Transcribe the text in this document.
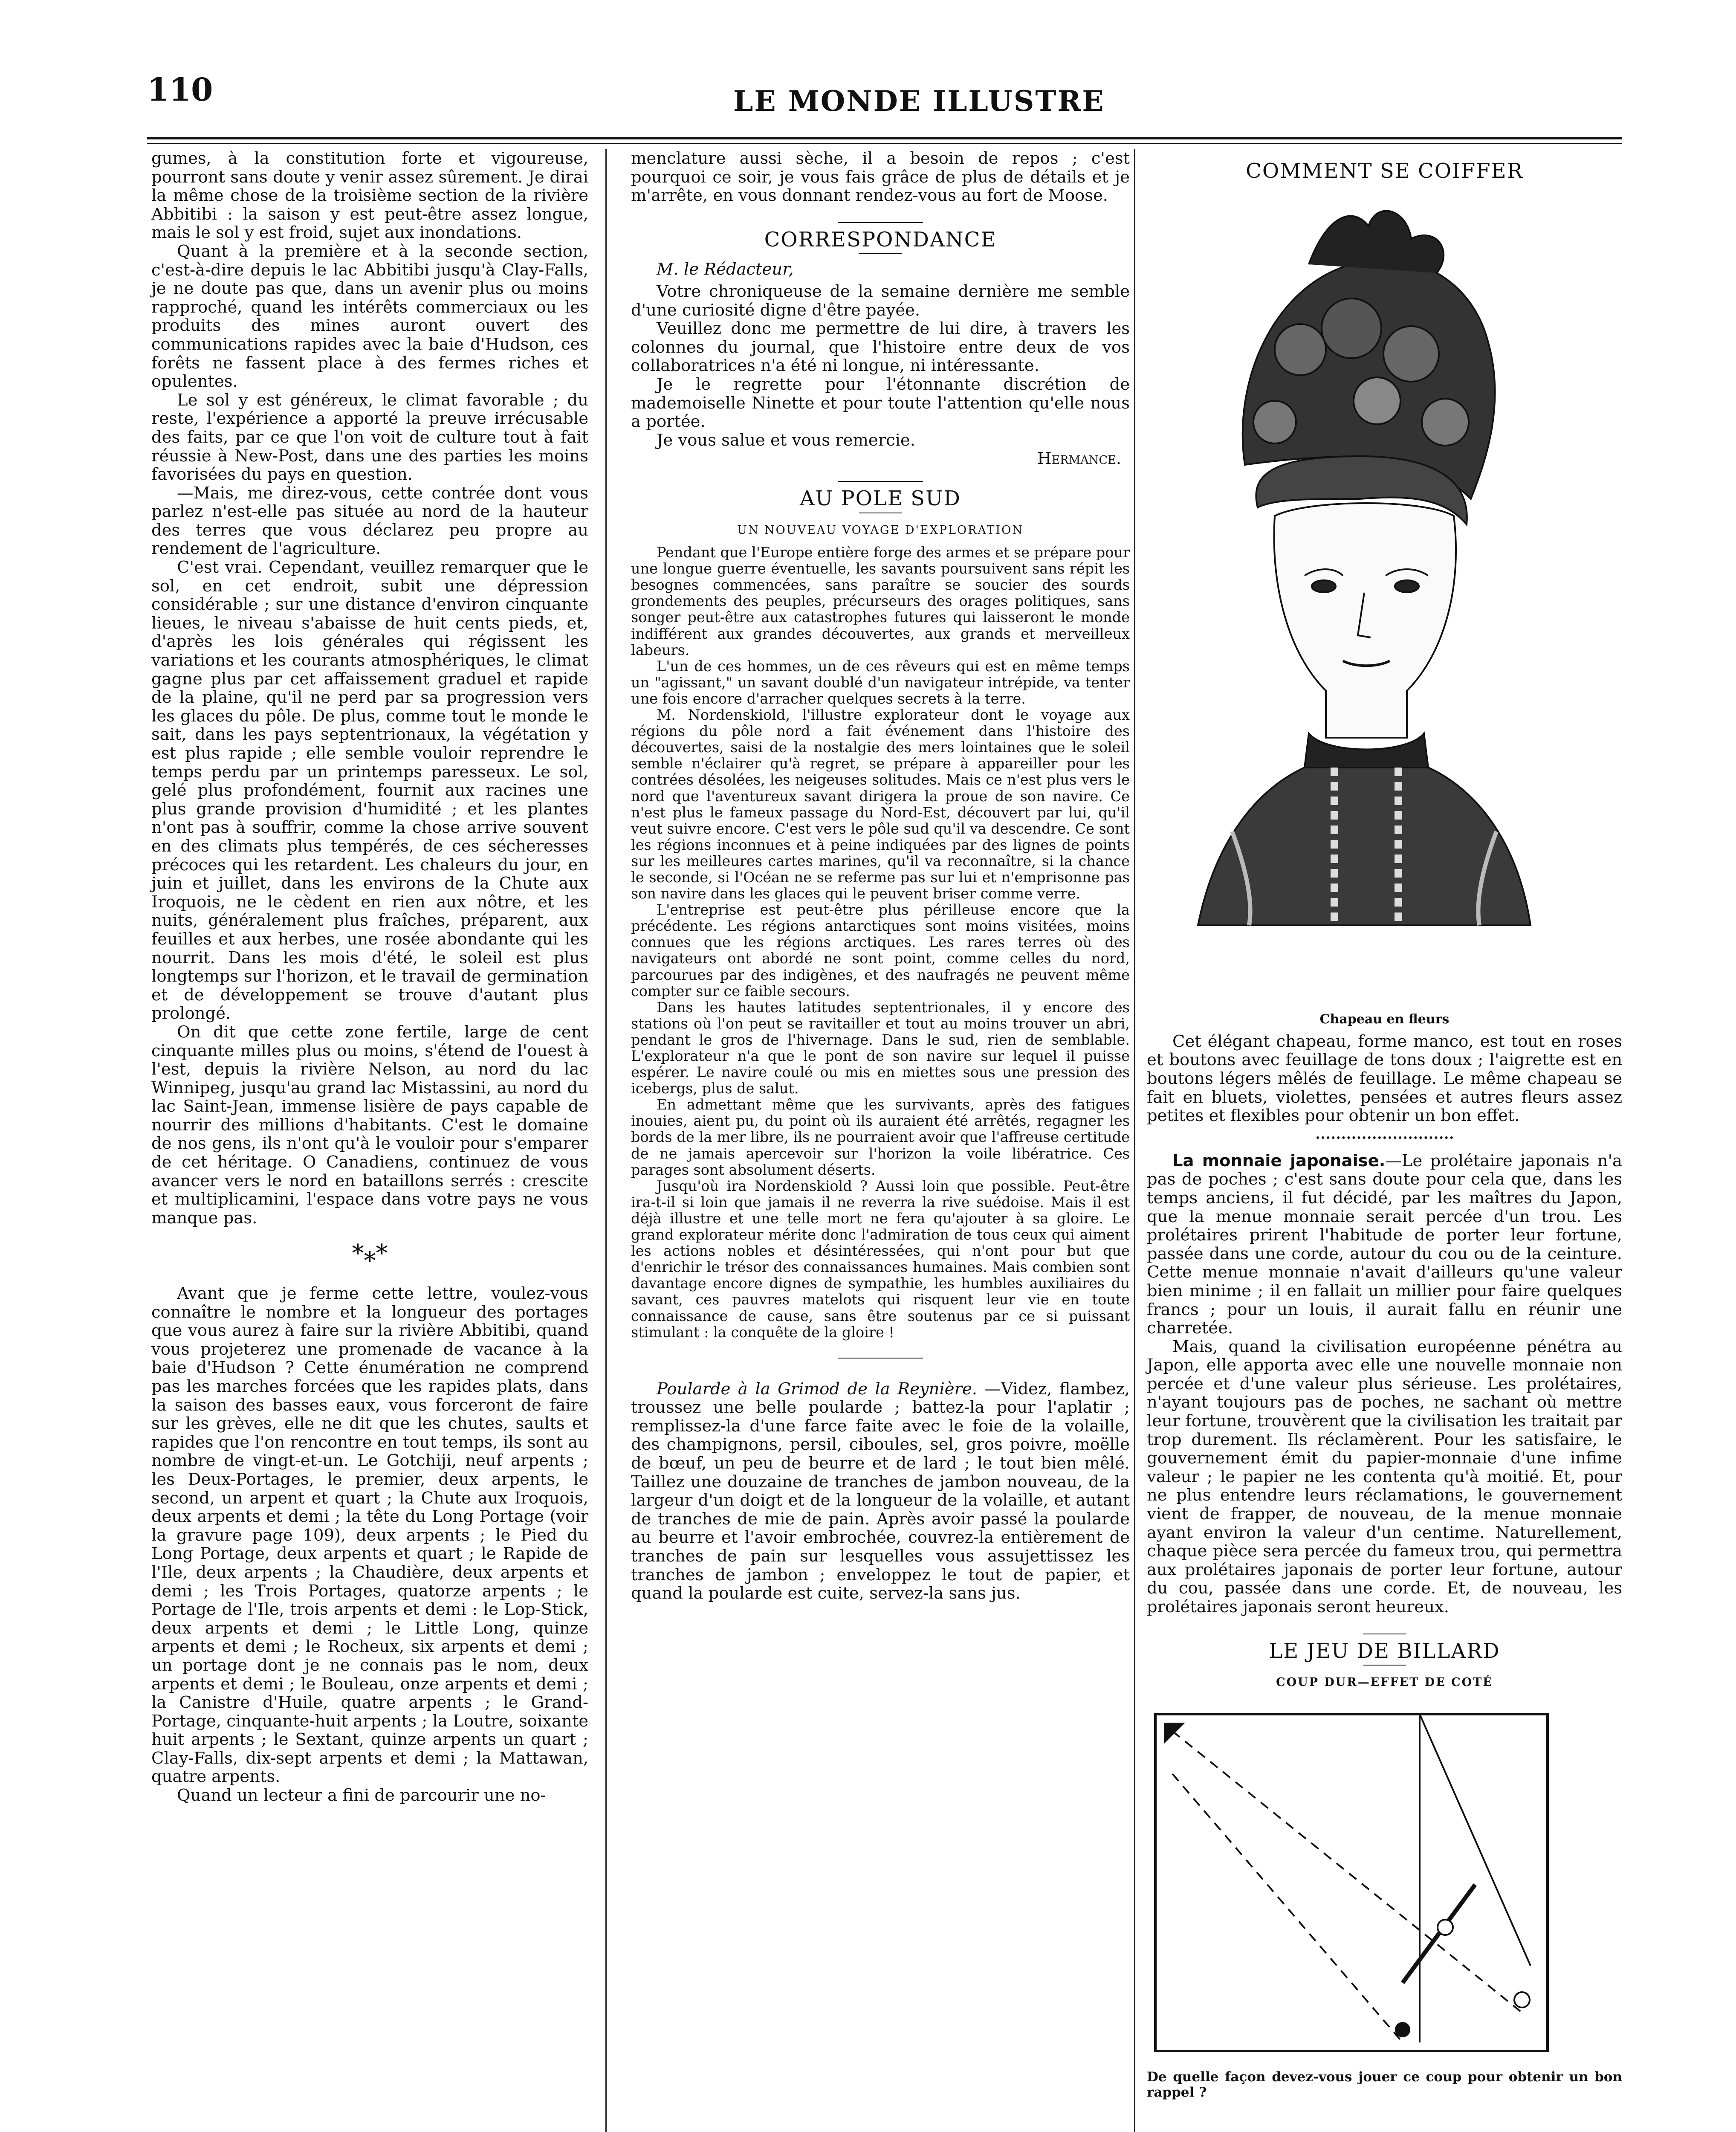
110	LE MONDE ILLUSTRE

gumes, à la constitution forte et vigoureuse, pourront sans doute y venir assez sûrement. Je dirai la même chose de la troisième section de la rivière Abbitibi : la saison y est peut-être assez longue, mais le sol y est froid, sujet aux inondations.

Quant à la première et à la seconde section, c'est-à-dire depuis le lac Abbitibi jusqu'à Clay-Falls, je ne doute pas que, dans un avenir plus ou moins rapproché, quand les intérêts commerciaux ou les produits des mines auront ouvert des communications rapides avec la baie d'Hudson, ces forêts ne fassent place à des fermes riches et opulentes.

Le sol y est généreux, le climat favorable ; du reste, l'expérience a apporté la preuve irrécusable des faits, par ce que l'on voit de culture tout à fait réussie à New-Post, dans une des parties les moins favorisées du pays en question.

—Mais, me direz-vous, cette contrée dont vous parlez n'est-elle pas située au nord de la hauteur des terres que vous déclarez peu propre au rendement de l'agriculture.

C'est vrai. Cependant, veuillez remarquer que le sol, en cet endroit, subit une dépression considérable ; sur une distance d'environ cinquante lieues, le niveau s'abaisse de huit cents pieds, et, d'après les lois générales qui régissent les variations et les courants atmosphériques, le climat gagne plus par cet affaissement graduel et rapide de la plaine, qu'il ne perd par sa progression vers les glaces du pôle. De plus, comme tout le monde le sait, dans les pays septentrionaux, la végétation y est plus rapide ; elle semble vouloir reprendre le temps perdu par un printemps paresseux. Le sol, gelé plus profondément, fournit aux racines une plus grande provision d'humidité ; et les plantes n'ont pas à souffrir, comme la chose arrive souvent en des climats plus tempérés, de ces sécheresses précoces qui les retardent. Les chaleurs du jour, en juin et juillet, dans les environs de la Chute aux Iroquois, ne le cèdent en rien aux nôtre, et les nuits, généralement plus fraîches, préparent, aux feuilles et aux herbes, une rosée abondante qui les nourrit. Dans les mois d'été, le soleil est plus longtemps sur l'horizon, et le travail de germination et de développement se trouve d'autant plus prolongé.

On dit que cette zone fertile, large de cent cinquante milles plus ou moins, s'étend de l'ouest à l'est, depuis la rivière Nelson, au nord du lac Winnipeg, jusqu'au grand lac Mistassini, au nord du lac Saint-Jean, immense lisière de pays capable de nourrir des millions d'habitants. C'est le domaine de nos gens, ils n'ont qu'à le vouloir pour s'emparer de cet héritage. O Canadiens, continuez de vous avancer vers le nord en bataillons serrés : crescite et multiplicamini, l'espace dans votre pays ne vous manque pas.

*⁎*

Avant que je ferme cette lettre, voulez-vous connaître le nombre et la longueur des portages que vous aurez à faire sur la rivière Abbitibi, quand vous projeterez une promenade de vacance à la baie d'Hudson ? Cette énumération ne comprend pas les marches forcées que les rapides plats, dans la saison des basses eaux, vous forceront de faire sur les grèves, elle ne dit que les chutes, saults et rapides que l'on rencontre en tout temps, ils sont au nombre de vingt-et-un. Le Gotchiji, neuf arpents ; les Deux-Portages, le premier, deux arpents, le second, un arpent et quart ; la Chute aux Iroquois, deux arpents et demi ; la tête du Long Portage (voir la gravure page 109), deux arpents ; le Pied du Long Portage, deux arpents et quart ; le Rapide de l'Ile, deux arpents ; la Chaudière, deux arpents et demi ; les Trois Portages, quatorze arpents ; le Portage de l'Ile, trois arpents et demi : le Lop-Stick, deux arpents et demi ; le Little Long, quinze arpents et demi ; le Rocheux, six arpents et demi ; un portage dont je ne connais pas le nom, deux arpents et demi ; le Bouleau, onze arpents et demi ; la Canistre d'Huile, quatre arpents ; le Grand-Portage, cinquante-huit arpents ; la Loutre, soixante huit arpents ; le Sextant, quinze arpents un quart ; Clay-Falls, dix-sept arpents et demi ; la Mattawan, quatre arpents.

Quand un lecteur a fini de parcourir une no-

menclature aussi sèche, il a besoin de repos ; c'est pourquoi ce soir, je vous fais grâce de plus de détails et je m'arrête, en vous donnant rendez-vous au fort de Moose.

CORRESPONDANCE
M. le Rédacteur,

Votre chroniqueuse de la semaine dernière me semble d'une curiosité digne d'être payée.

Veuillez donc me permettre de lui dire, à travers les colonnes du journal, que l'histoire entre deux de vos collaboratrices n'a été ni longue, ni intéressante.

Je le regrette pour l'étonnante discrétion de mademoiselle Ninette et pour toute l'attention qu'elle nous a portée.

Je vous salue et vous remercie.

Hermance.
AU POLE SUD
UN NOUVEAU VOYAGE D'EXPLORATION

Pendant que l'Europe entière forge des armes et se prépare pour une longue guerre éventuelle, les savants poursuivent sans répit les besognes commencées, sans paraître se soucier des sourds grondements des peuples, précurseurs des orages politiques, sans songer peut-être aux catastrophes futures qui laisseront le monde indifférent aux grandes découvertes, aux grands et merveilleux labeurs.

L'un de ces hommes, un de ces rêveurs qui est en même temps un "agissant," un savant doublé d'un navigateur intrépide, va tenter une fois encore d'arracher quelques secrets à la terre.

M. Nordenskiold, l'illustre explorateur dont le voyage aux régions du pôle nord a fait événement dans l'histoire des découvertes, saisi de la nostalgie des mers lointaines que le soleil semble n'éclairer qu'à regret, se prépare à appareiller pour les contrées désolées, les neigeuses solitudes. Mais ce n'est plus vers le nord que l'aventureux savant dirigera la proue de son navire. Ce n'est plus le fameux passage du Nord-Est, découvert par lui, qu'il veut suivre encore. C'est vers le pôle sud qu'il va descendre. Ce sont les régions inconnues et à peine indiquées par des lignes de points sur les meilleures cartes marines, qu'il va reconnaître, si la chance le seconde, si l'Océan ne se referme pas sur lui et n'emprisonne pas son navire dans les glaces qui le peuvent briser comme verre.

L'entreprise est peut-être plus périlleuse encore que la précédente. Les régions antarctiques sont moins visitées, moins connues que les régions arctiques. Les rares terres où des navigateurs ont abordé ne sont point, comme celles du nord, parcourues par des indigènes, et des naufragés ne peuvent même compter sur ce faible secours.

Dans les hautes latitudes septentrionales, il y encore des stations où l'on peut se ravitailler et tout au moins trouver un abri, pendant le gros de l'hivernage. Dans le sud, rien de semblable. L'explorateur n'a que le pont de son navire sur lequel il puisse espérer. Le navire coulé ou mis en miettes sous une pression des icebergs, plus de salut.

En admettant même que les survivants, après des fatigues inouies, aient pu, du point où ils auraient été arrêtés, regagner les bords de la mer libre, ils ne pourraient avoir que l'affreuse certitude de ne jamais apercevoir sur l'horizon la voile libératrice. Ces parages sont absolument déserts.

Jusqu'où ira Nordenskiold ? Aussi loin que possible. Peut-être ira-t-il si loin que jamais il ne reverra la rive suédoise. Mais il est déjà illustre et une telle mort ne fera qu'ajouter à sa gloire. Le grand explorateur mérite donc l'admiration de tous ceux qui aiment les actions nobles et désintéressées, qui n'ont pour but que d'enrichir le trésor des connaissances humaines. Mais combien sont davantage encore dignes de sympathie, les humbles auxiliaires du savant, ces pauvres matelots qui risquent leur vie en toute connaissance de cause, sans être soutenus par ce si puissant stimulant : la conquête de la gloire !

Poularde à la Grimod de la Reynière. —Videz, flambez, troussez une belle poularde ; battez-la pour l'aplatir ; remplissez-la d'une farce faite avec le foie de la volaille, des champignons, persil, ciboules, sel, gros poivre, moëlle de bœuf, un peu de beurre et de lard ; le tout bien mêlé. Taillez une douzaine de tranches de jambon nouveau, de la largeur d'un doigt et de la longueur de la volaille, et autant de tranches de mie de pain. Après avoir passé la poularde au beurre et l'avoir embrochée, couvrez-la entièrement de tranches de pain sur lesquelles vous assujettissez les tranches de jambon ; enveloppez le tout de papier, et quand la poularde est cuite, servez-la sans jus.

COMMENT SE COIFFER
Chapeau en fleurs

Cet élégant chapeau, forme manco, est tout en roses et boutons avec feuillage de tons doux ; l'aigrette est en boutons légers mêlés de feuillage. Le même chapeau se fait en bluets, violettes, pensées et autres fleurs assez petites et flexibles pour obtenir un bon effet.

La monnaie japonaise.—Le prolétaire japonais n'a pas de poches ; c'est sans doute pour cela que, dans les temps anciens, il fut décidé, par les maîtres du Japon, que la menue monnaie serait percée d'un trou. Les prolétaires prirent l'habitude de porter leur fortune, passée dans une corde, autour du cou ou de la ceinture. Cette menue monnaie n'avait d'ailleurs qu'une valeur bien minime ; il en fallait un millier pour faire quelques francs ; pour un louis, il aurait fallu en réunir une charretée.

Mais, quand la civilisation européenne pénétra au Japon, elle apporta avec elle une nouvelle monnaie non percée et d'une valeur plus sérieuse. Les prolétaires, n'ayant toujours pas de poches, ne sachant où mettre leur fortune, trouvèrent que la civilisation les traitait par trop durement. Ils réclamèrent. Pour les satisfaire, le gouvernement émit du papier-monnaie d'une infime valeur ; le papier ne les contenta qu'à moitié. Et, pour ne plus entendre leurs réclamations, le gouvernement vient de frapper, de nouveau, de la menue monnaie ayant environ la valeur d'un centime. Naturellement, chaque pièce sera percée du fameux trou, qui permettra aux prolétaires japonais de porter leur fortune, autour du cou, passée dans une corde. Et, de nouveau, les prolétaires japonais seront heureux.

LE JEU DE BILLARD
COUP DUR—EFFET DE COTÉ
De quelle façon devez-vous jouer ce coup pour obtenir un bon rappel ?
